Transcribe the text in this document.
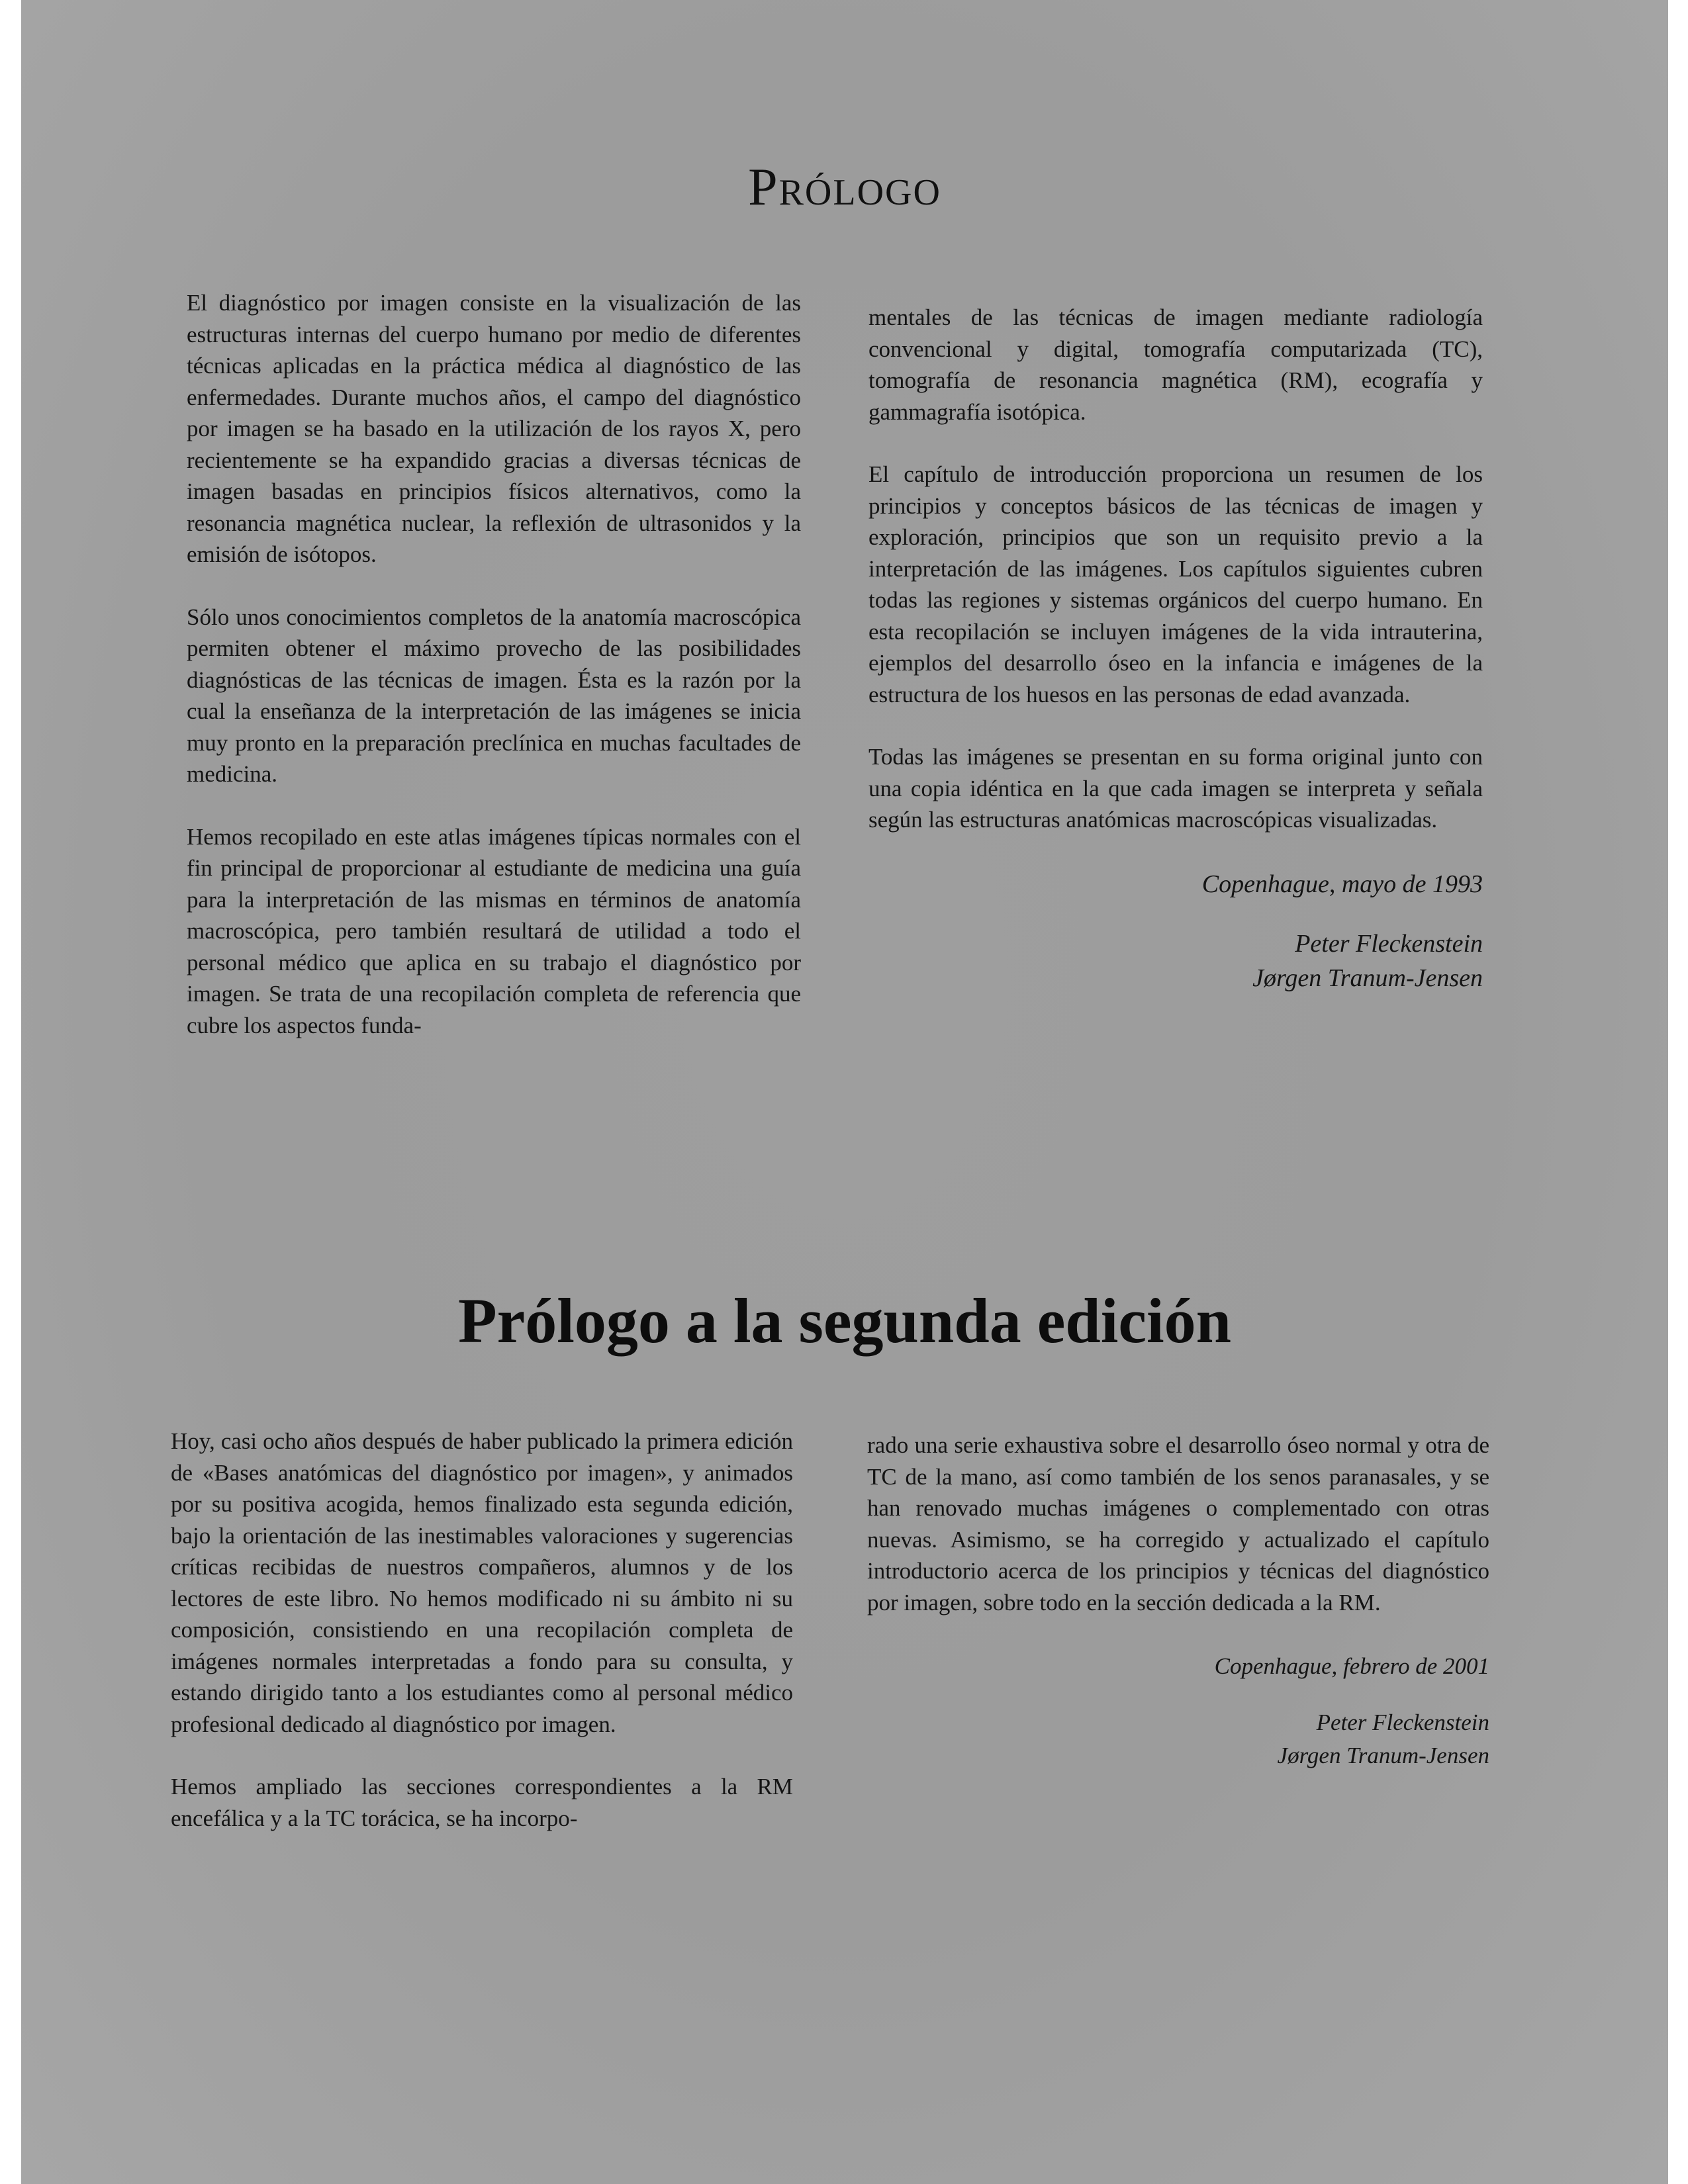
Prólogo

El diagnóstico por imagen consiste en la visualización de las estructuras internas del cuerpo humano por medio de diferentes técnicas aplicadas en la práctica médica al diagnóstico de las enfermedades. Durante muchos años, el campo del diagnóstico por imagen se ha basado en la utilización de los rayos X, pero recientemente se ha expandido gracias a diversas técnicas de imagen basadas en principios físicos alternativos, como la resonancia magnética nuclear, la reflexión de ultrasonidos y la emisión de isótopos.

Sólo unos conocimientos completos de la anatomía macroscópica permiten obtener el máximo provecho de las posibilidades diagnósticas de las técnicas de imagen. Ésta es la razón por la cual la enseñanza de la interpretación de las imágenes se inicia muy pronto en la preparación preclínica en muchas facultades de medicina.

Hemos recopilado en este atlas imágenes típicas normales con el fin principal de proporcionar al estudiante de medicina una guía para la interpretación de las mismas en términos de anatomía macroscópica, pero también resultará de utilidad a todo el personal médico que aplica en su trabajo el diagnóstico por imagen. Se trata de una recopilación completa de referencia que cubre los aspectos funda-

mentales de las técnicas de imagen mediante radiología convencional y digital, tomografía computarizada (TC), tomografía de resonancia magnética (RM), ecografía y gammagrafía isotópica.

El capítulo de introducción proporciona un resumen de los principios y conceptos básicos de las técnicas de imagen y exploración, principios que son un requisito previo a la interpretación de las imágenes. Los capítulos siguientes cubren todas las regiones y sistemas orgánicos del cuerpo humano. En esta recopilación se incluyen imágenes de la vida intrauterina, ejemplos del desarrollo óseo en la infancia e imágenes de la estructura de los huesos en las personas de edad avanzada.

Todas las imágenes se presentan en su forma original junto con una copia idéntica en la que cada imagen se interpreta y señala según las estructuras anatómicas macroscópicas visualizadas.

Copenhague, mayo de 1993
Peter Fleckenstein
Jørgen Tranum-Jensen
Prólogo a la segunda edición

Hoy, casi ocho años después de haber publicado la primera edición de «Bases anatómicas del diagnóstico por imagen», y animados por su positiva acogida, hemos finalizado esta segunda edición, bajo la orientación de las inestimables valoraciones y sugerencias críticas recibidas de nuestros compañeros, alumnos y de los lectores de este libro. No hemos modificado ni su ámbito ni su composición, consistiendo en una recopilación completa de imágenes normales interpretadas a fondo para su consulta, y estando dirigido tanto a los estudiantes como al personal médico profesional dedicado al diagnóstico por imagen.

Hemos ampliado las secciones correspondientes a la RM encefálica y a la TC torácica, se ha incorpo-

rado una serie exhaustiva sobre el desarrollo óseo normal y otra de TC de la mano, así como también de los senos paranasales, y se han renovado muchas imágenes o complementado con otras nuevas. Asimismo, se ha corregido y actualizado el capítulo introductorio acerca de los principios y técnicas del diagnóstico por imagen, sobre todo en la sección dedicada a la RM.

Copenhague, febrero de 2001
Peter Fleckenstein
Jørgen Tranum-Jensen
